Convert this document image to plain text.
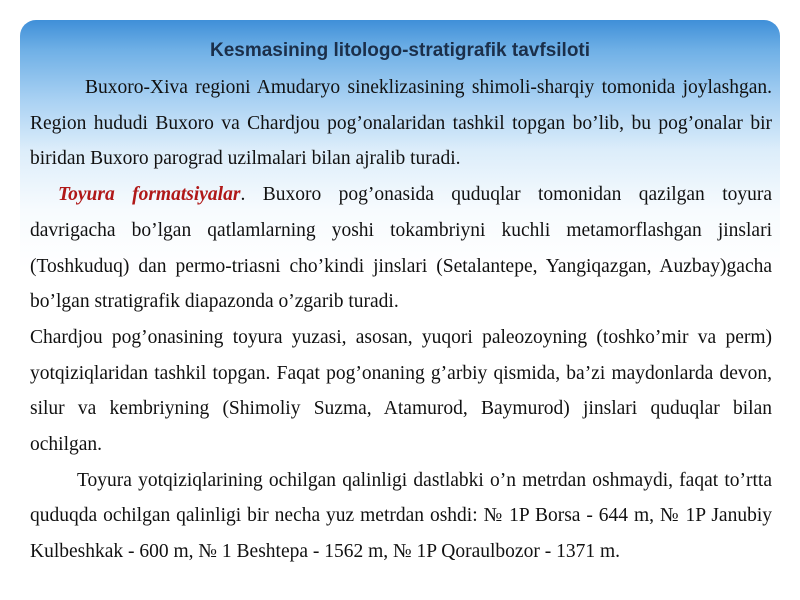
Kesmasining litologo-stratigrafik tavfsiloti

Buxoro-Xiva regioni Amudaryo sineklizasining shimoli-sharqiy tomonida joylashgan. Region hududi Buxoro va Chardjou pog’onalaridan tashkil topgan bo’lib, bu pog’onalar bir biridan Buxoro parograd uzilmalari bilan ajralib turadi.

Toyura formatsiyalar. Buxoro pog’onasida quduqlar tomonidan qazilgan toyura davrigacha bo’lgan qatlamlarning yoshi tokambriyni kuchli metamorflashgan jinslari (Toshkuduq) dan permo-triasni cho’kindi jinslari (Setalantepe, Yangiqazgan, Auzbay)gacha bo’lgan stratigrafik diapazonda o’zgarib turadi.

Chardjou pog’onasining toyura yuzasi, asosan, yuqori paleozoyning (toshko’mir va perm) yotqiziqlaridan tashkil topgan. Faqat pog’onaning g’arbiy qismida, ba’zi maydonlarda devon, silur va kembriyning (Shimoliy Suzma, Atamurod, Baymurod) jinslari quduqlar bilan ochilgan.

Toyura yotqiziqlarining ochilgan qalinligi dastlabki o’n metrdan oshmaydi, faqat to’rtta quduqda ochilgan qalinligi bir necha yuz metrdan oshdi: № 1P Borsa - 644 m, № 1P Janubiy Kulbeshkak - 600 m, № 1 Beshtepa - 1562 m, № 1P Qoraulbozor - 1371 m.
